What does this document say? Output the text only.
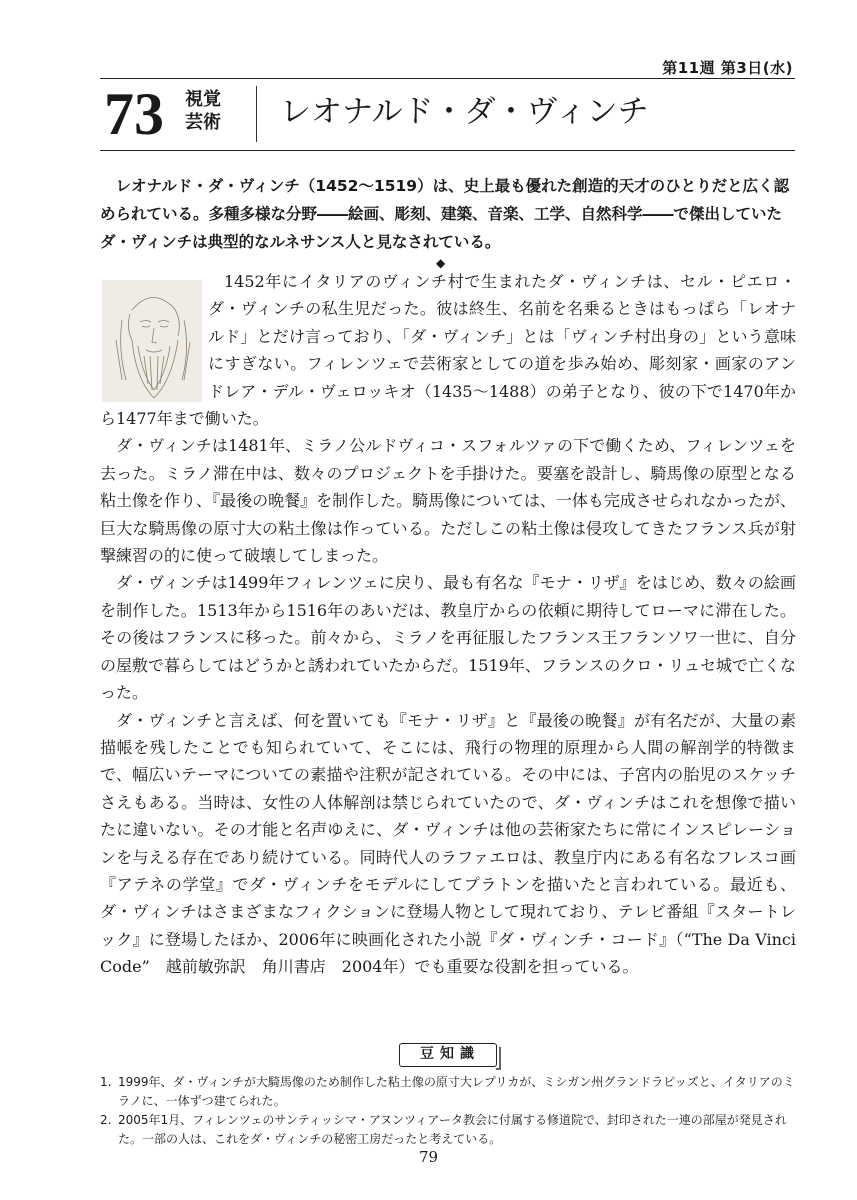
第11週 第3日(水)
73 視覚
芸術	レオナルド・ダ・ヴィンチ
レオナルド・ダ・ヴィンチ（1452〜1519）は、史上最も優れた創造的天才のひとりだと広く認められている。多種多様な分野――絵画、彫刻、建築、音楽、工学、自然科学――で傑出していたダ・ヴィンチは典型的なルネサンス人と見なされている。
◆

1452年にイタリアのヴィンチ村で生まれたダ・ヴィンチは、セル・ピエロ・ダ・ヴィンチの私生児だった。彼は終生、名前を名乗るときはもっぱら「レオナルド」とだけ言っており、「ダ・ヴィンチ」とは「ヴィンチ村出身の」という意味にすぎない。フィレンツェで芸術家としての道を歩み始め、彫刻家・画家のアンドレア・デル・ヴェロッキオ（1435〜1488）の弟子となり、彼の下で1470年から1477年まで働いた。

ダ・ヴィンチは1481年、ミラノ公ルドヴィコ・スフォルツァの下で働くため、フィレンツェを去った。ミラノ滞在中は、数々のプロジェクトを手掛けた。要塞を設計し、騎馬像の原型となる粘土像を作り、『最後の晩餐』を制作した。騎馬像については、一体も完成させられなかったが、巨大な騎馬像の原寸大の粘土像は作っている。ただしこの粘土像は侵攻してきたフランス兵が射撃練習の的に使って破壊してしまった。

ダ・ヴィンチは1499年フィレンツェに戻り、最も有名な『モナ・リザ』をはじめ、数々の絵画を制作した。1513年から1516年のあいだは、教皇庁からの依頼に期待してローマに滞在した。その後はフランスに移った。前々から、ミラノを再征服したフランス王フランソワ一世に、自分の屋敷で暮らしてはどうかと誘われていたからだ。1519年、フランスのクロ・リュセ城で亡くなった。

ダ・ヴィンチと言えば、何を置いても『モナ・リザ』と『最後の晩餐』が有名だが、大量の素描帳を残したことでも知られていて、そこには、飛行の物理的原理から人間の解剖学的特徴まで、幅広いテーマについての素描や注釈が記されている。その中には、子宮内の胎児のスケッチさえもある。当時は、女性の人体解剖は禁じられていたので、ダ・ヴィンチはこれを想像で描いたに違いない。その才能と名声ゆえに、ダ・ヴィンチは他の芸術家たちに常にインスピレーションを与える存在であり続けている。同時代人のラファエロは、教皇庁内にある有名なフレスコ画『アテネの学堂』でダ・ヴィンチをモデルにしてプラトンを描いたと言われている。最近も、ダ・ヴィンチはさまざまなフィクションに登場人物として現れており、テレビ番組『スタートレック』に登場したほか、2006年に映画化された小説『ダ・ヴィンチ・コード』（“The Da Vinci Code”　越前敏弥訳　角川書店　2004年）でも重要な役割を担っている。

豆知識
1. 1999年、ダ・ヴィンチが大騎馬像のため制作した粘土像の原寸大レプリカが、ミシガン州グランドラピッズと、イタリアのミラノに、一体ずつ建てられた。
2. 2005年1月、フィレンツェのサンティッシマ・アヌンツィアータ教会に付属する修道院で、封印された一連の部屋が発見された。一部の人は、これをダ・ヴィンチの秘密工房だったと考えている。
79
